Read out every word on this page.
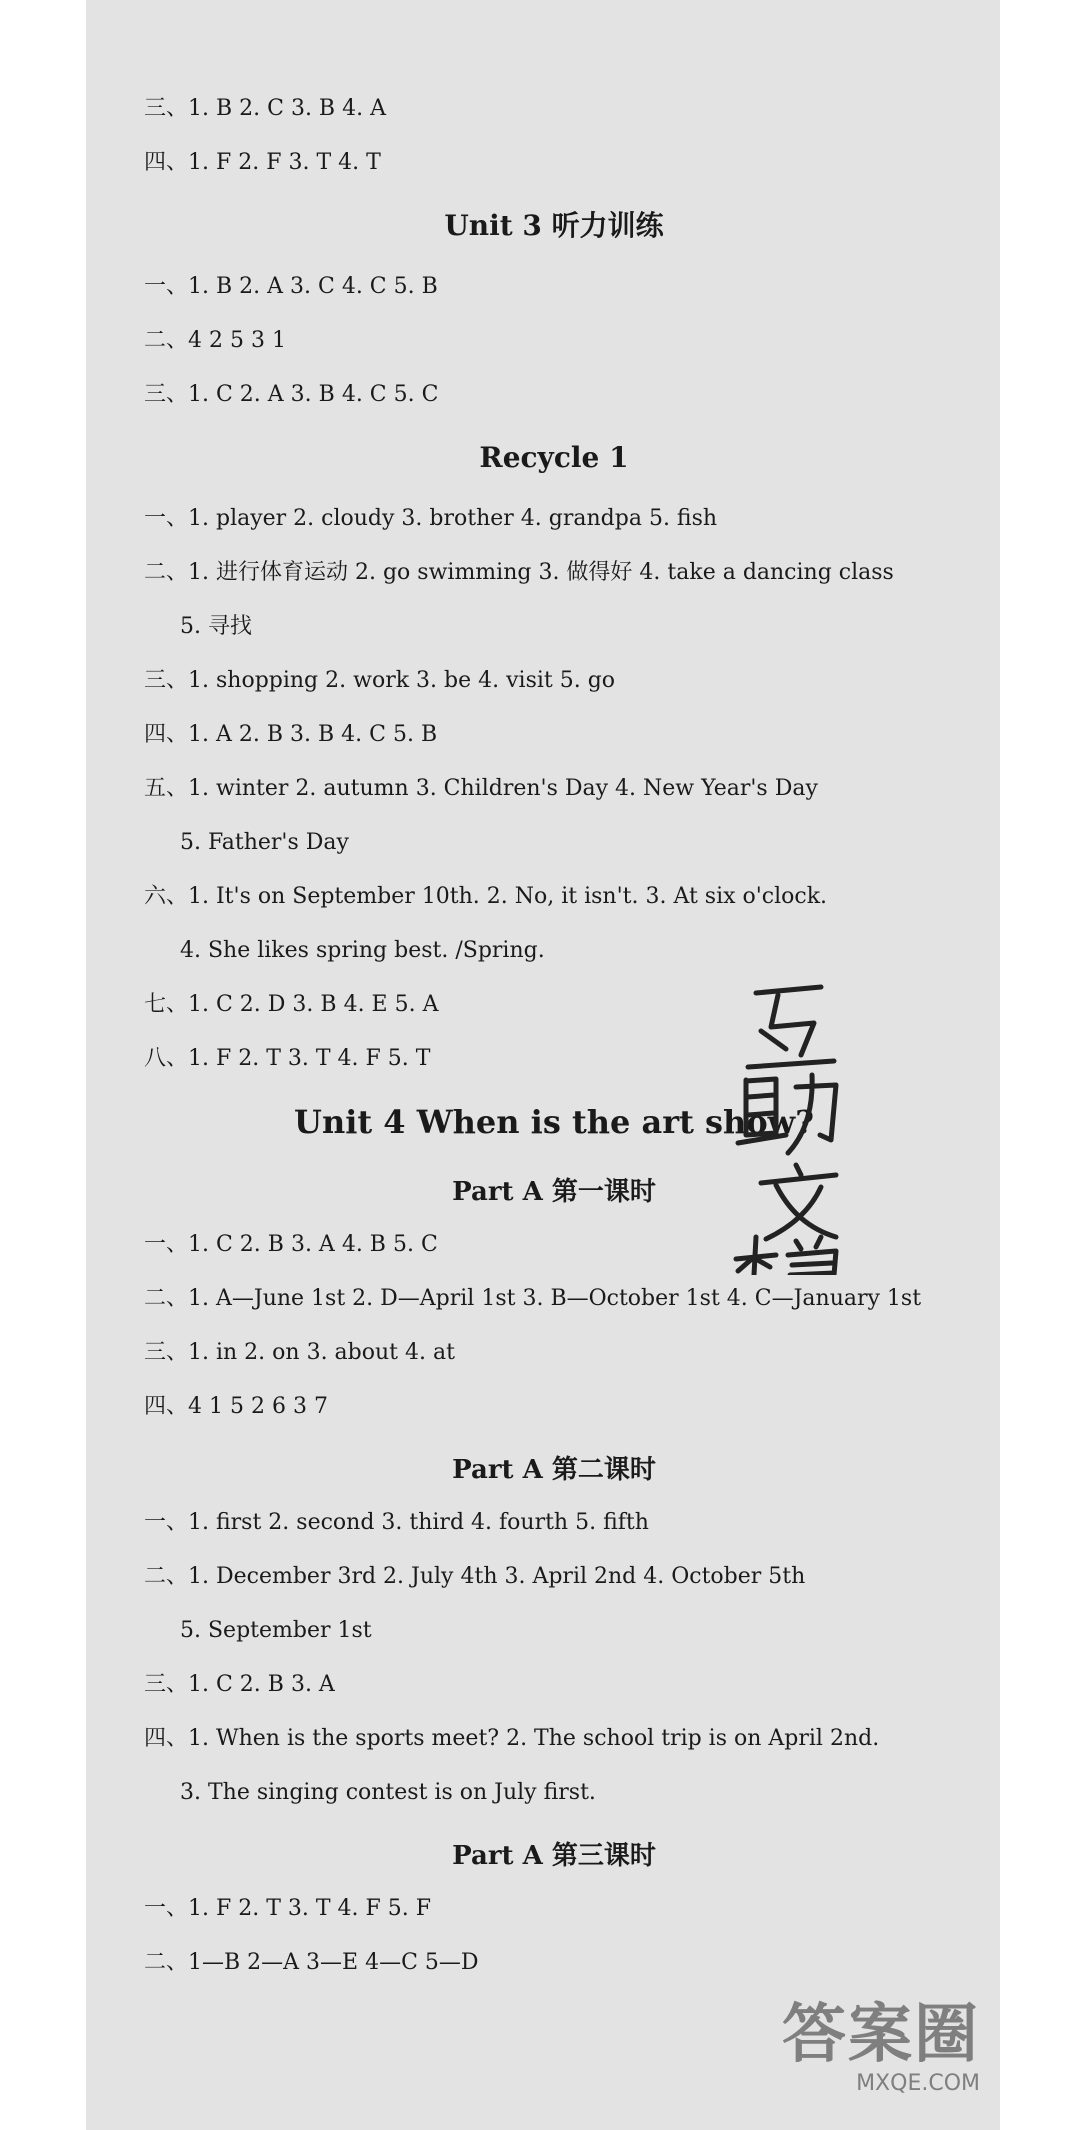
三、1. B 2. C 3. B 4. A
四、1. F 2. F 3. T 4. T
Unit 3 听力训练
一、1. B 2. A 3. C 4. C 5. B
二、4 2 5 3 1
三、1. C 2. A 3. B 4. C 5. C
Recycle 1
一、1. player 2. cloudy 3. brother 4. grandpa 5. fish
二、1. 进行体育运动 2. go swimming 3. 做得好 4. take a dancing class
5. 寻找
三、1. shopping 2. work 3. be 4. visit 5. go
四、1. A 2. B 3. B 4. C 5. B
五、1. winter 2. autumn 3. Children's Day 4. New Year's Day
5. Father's Day
六、1. It's on September 10th. 2. No, it isn't. 3. At six o'clock.
4. She likes spring best. /Spring.
七、1. C 2. D 3. B 4. E 5. A
八、1. F 2. T 3. T 4. F 5. T
Unit 4 When is the art show?
Part A 第一课时
一、1. C 2. B 3. A 4. B 5. C
二、1. A—June 1st 2. D—April 1st 3. B—October 1st 4. C—January 1st
三、1. in 2. on 3. about 4. at
四、4 1 5 2 6 3 7
Part A 第二课时
一、1. first 2. second 3. third 4. fourth 5. fifth
二、1. December 3rd 2. July 4th 3. April 2nd 4. October 5th
5. September 1st
三、1. C 2. B 3. A
四、1. When is the sports meet? 2. The school trip is on April 2nd.
3. The singing contest is on July first.
Part A 第三课时
一、1. F 2. T 3. T 4. F 5. F
二、1—B 2—A 3—E 4—C 5—D
答案圈
MXQE.COM
